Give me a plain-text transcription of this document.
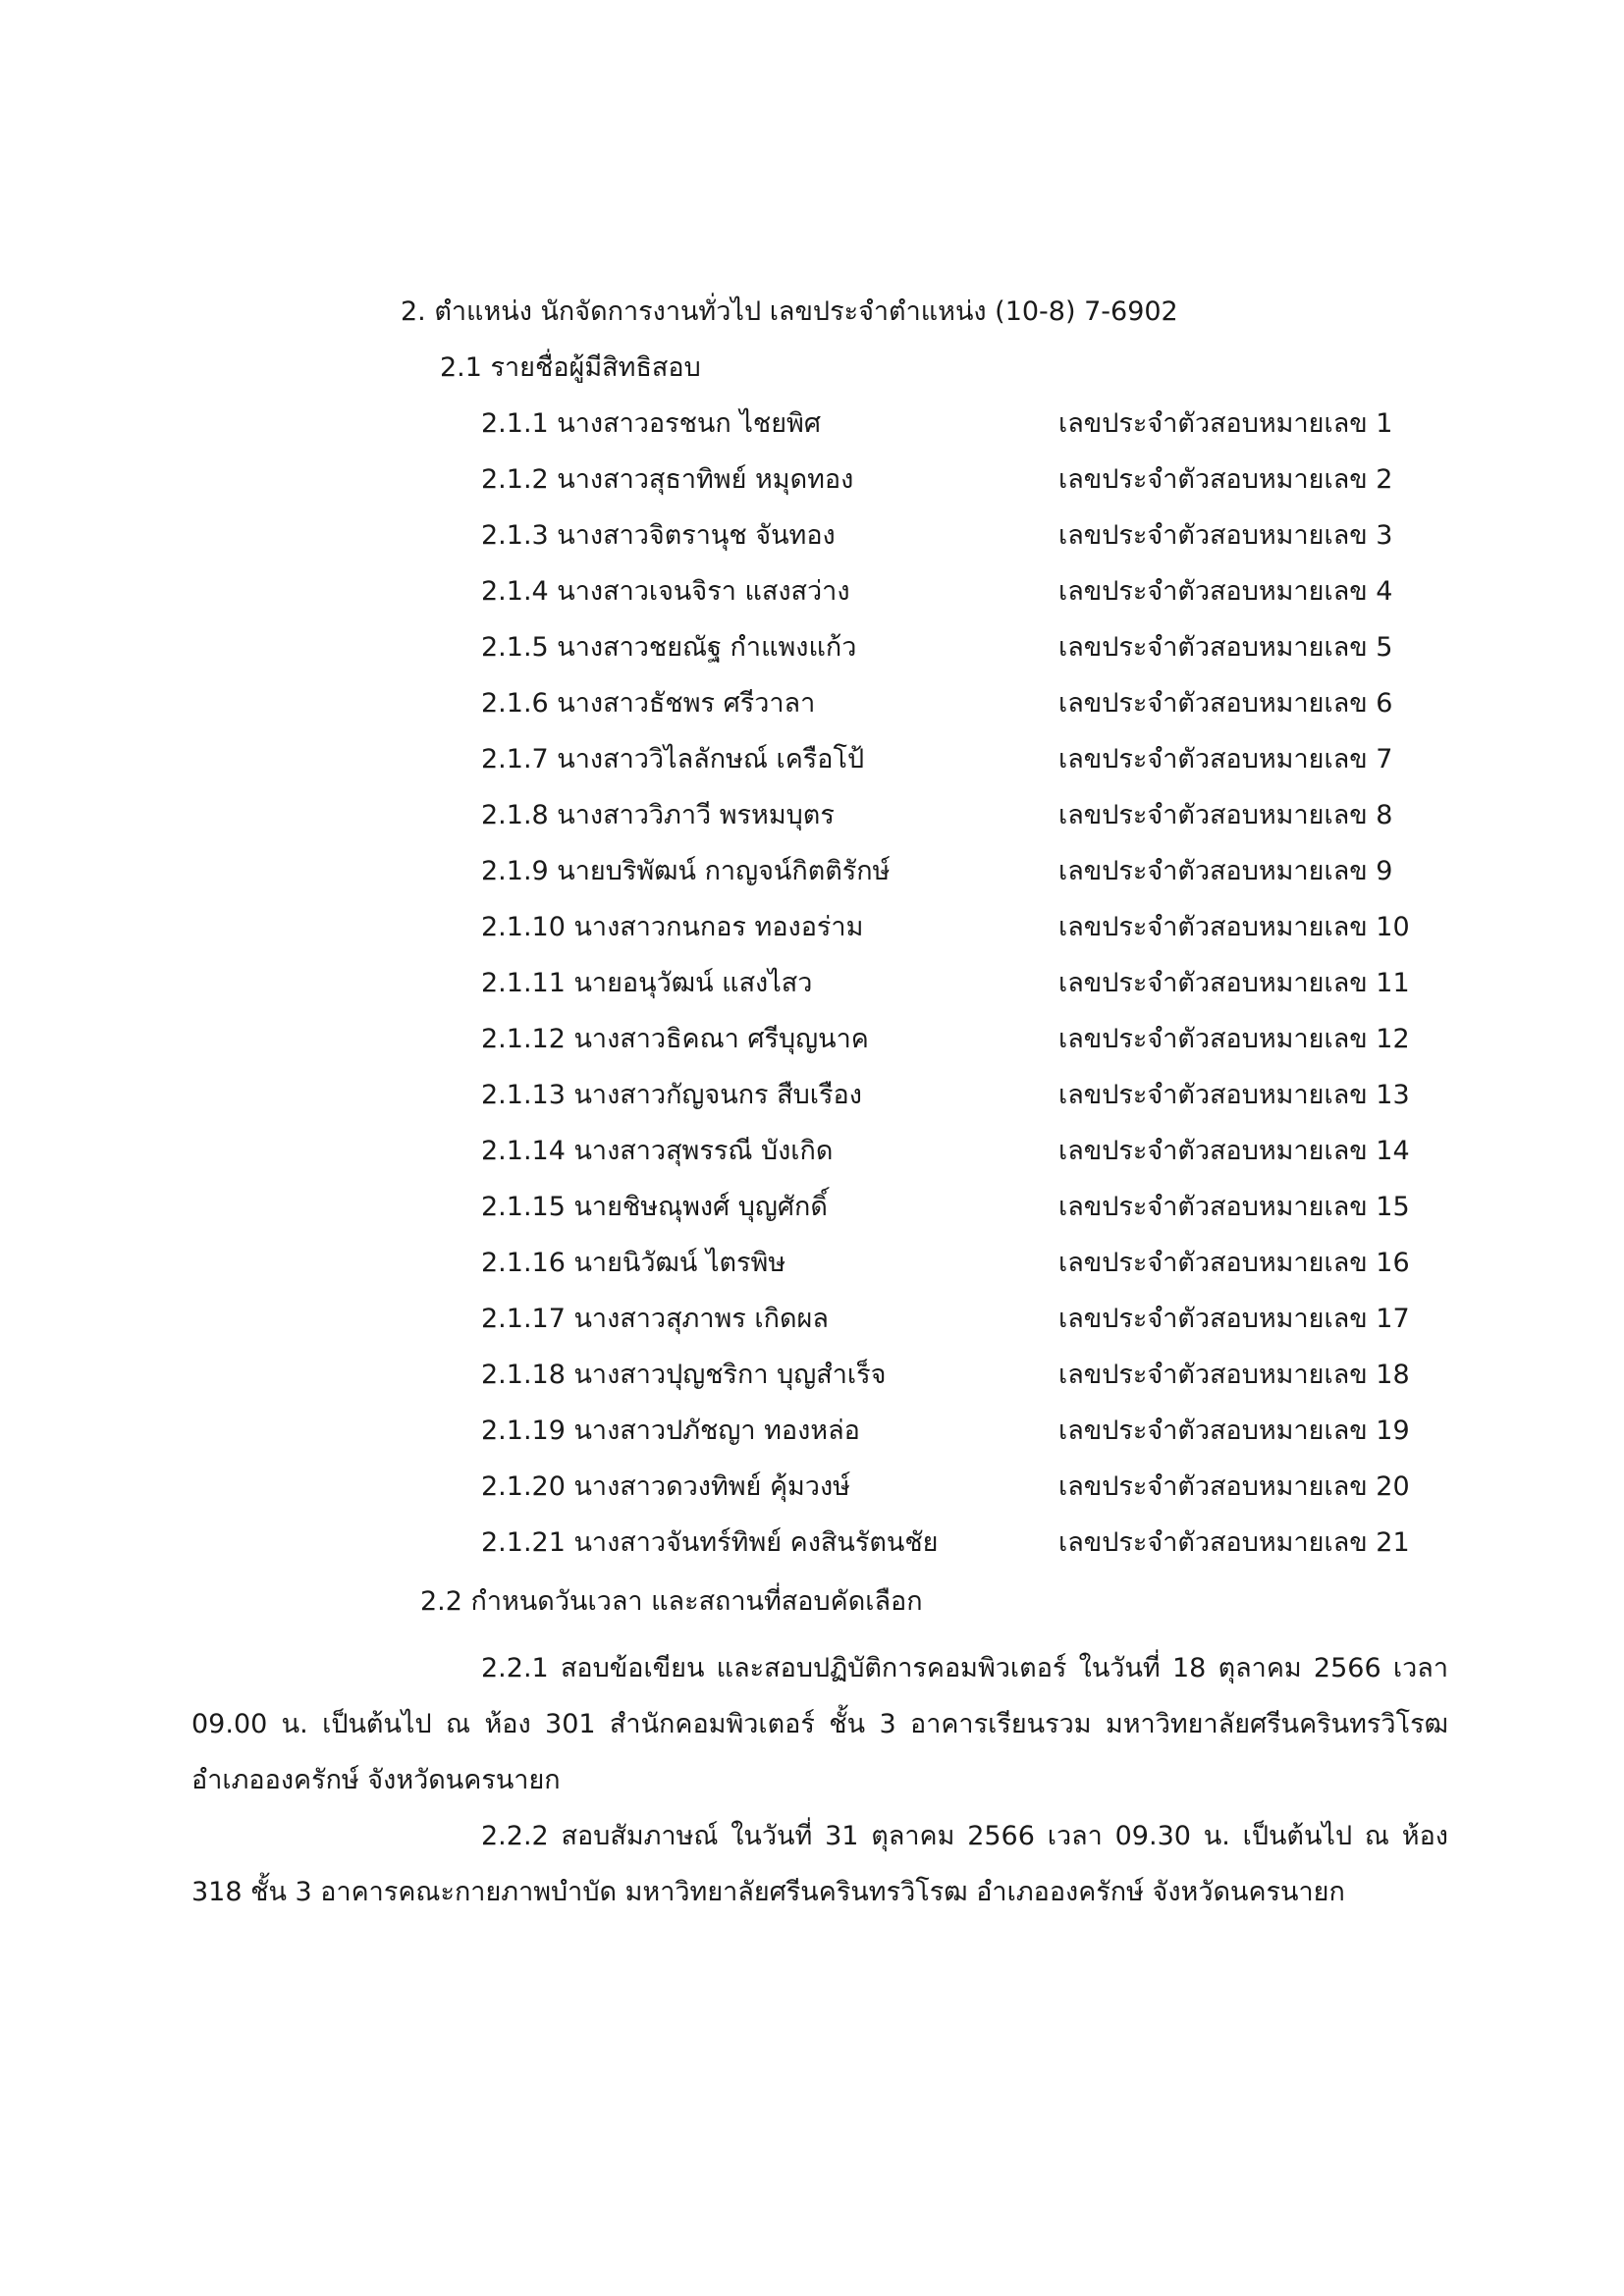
2. ตำแหน่ง นักจัดการงานทั่วไป เลขประจำตำแหน่ง (10-8) 7-6902
2.1 รายชื่อผู้มีสิทธิสอบ
2.1.1 นางสาวอรชนก ไชยพิศ	เลขประจำตัวสอบหมายเลข 1
2.1.2 นางสาวสุธาทิพย์ หมุดทอง	เลขประจำตัวสอบหมายเลข 2
2.1.3 นางสาวจิตรานุช จันทอง	เลขประจำตัวสอบหมายเลข 3
2.1.4 นางสาวเจนจิรา แสงสว่าง	เลขประจำตัวสอบหมายเลข 4
2.1.5 นางสาวชยณัฐ กำแพงแก้ว	เลขประจำตัวสอบหมายเลข 5
2.1.6 นางสาวธัชพร ศรีวาลา	เลขประจำตัวสอบหมายเลข 6
2.1.7 นางสาววิไลลักษณ์ เครือโป้	เลขประจำตัวสอบหมายเลข 7
2.1.8 นางสาววิภาวี พรหมบุตร	เลขประจำตัวสอบหมายเลข 8
2.1.9 นายบริพัฒน์ กาญจน์กิตติรักษ์	เลขประจำตัวสอบหมายเลข 9
2.1.10 นางสาวกนกอร ทองอร่าม	เลขประจำตัวสอบหมายเลข 10
2.1.11 นายอนุวัฒน์ แสงไสว	เลขประจำตัวสอบหมายเลข 11
2.1.12 นางสาวธิคณา ศรีบุญนาค	เลขประจำตัวสอบหมายเลข 12
2.1.13 นางสาวกัญจนกร สืบเรือง	เลขประจำตัวสอบหมายเลข 13
2.1.14 นางสาวสุพรรณี บังเกิด	เลขประจำตัวสอบหมายเลข 14
2.1.15 นายชิษณุพงศ์ บุญศักดิ์	เลขประจำตัวสอบหมายเลข 15
2.1.16 นายนิวัฒน์ ไตรพิษ	เลขประจำตัวสอบหมายเลข 16
2.1.17 นางสาวสุภาพร เกิดผล	เลขประจำตัวสอบหมายเลข 17
2.1.18 นางสาวปุญชริกา บุญสำเร็จ	เลขประจำตัวสอบหมายเลข 18
2.1.19 นางสาวปภัชญา ทองหล่อ	เลขประจำตัวสอบหมายเลข 19
2.1.20 นางสาวดวงทิพย์ คุ้มวงษ์	เลขประจำตัวสอบหมายเลข 20
2.1.21 นางสาวจันทร์ทิพย์ คงสินรัตนชัย	เลขประจำตัวสอบหมายเลข 21
2.2 กำหนดวันเวลา และสถานที่สอบคัดเลือก
2.2.1 สอบข้อเขียน และสอบปฏิบัติการคอมพิวเตอร์ ในวันที่ 18 ตุลาคม 2566 เวลา 09.00 น. เป็นต้นไป ณ ห้อง 301 สำนักคอมพิวเตอร์ ชั้น 3 อาคารเรียนรวม มหาวิทยาลัยศรีนครินทรวิโรฒ อำเภอองครักษ์ จังหวัดนครนายก
2.2.2 สอบสัมภาษณ์ ในวันที่ 31 ตุลาคม 2566 เวลา 09.30 น. เป็นต้นไป ณ ห้อง 318 ชั้น 3 อาคารคณะกายภาพบำบัด มหาวิทยาลัยศรีนครินทรวิโรฒ อำเภอองครักษ์ จังหวัดนครนายก
